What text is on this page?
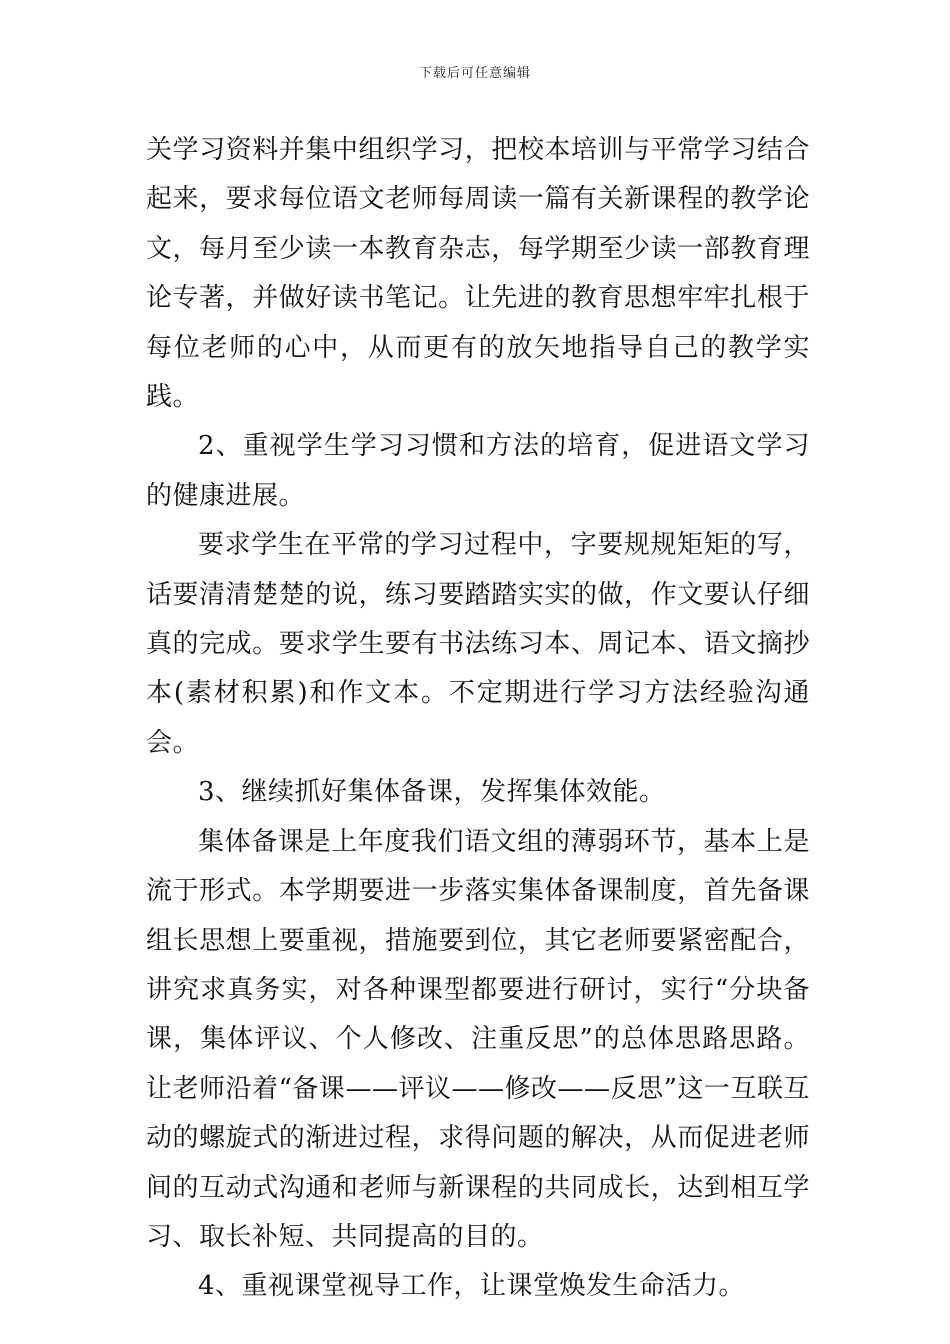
下载后可任意编辑

关学习资料并集中组织学习，把校本培训与平常学习结合起来，要求每位语文老师每周读一篇有关新课程的教学论文，每月至少读一本教育杂志，每学期至少读一部教育理论专著，并做好读书笔记。让先进的教育思想牢牢扎根于每位老师的心中，从而更有的放矢地指导自己的教学实践。

2、重视学生学习习惯和方法的培育，促进语文学习的健康进展。

要求学生在平常的学习过程中，字要规规矩矩的写，话要清清楚楚的说，练习要踏踏实实的做，作文要认仔细真的完成。要求学生要有书法练习本、周记本、语文摘抄本(素材积累)和作文本。不定期进行学习方法经验沟通会。

3、继续抓好集体备课，发挥集体效能。

集体备课是上年度我们语文组的薄弱环节，基本上是流于形式。本学期要进一步落实集体备课制度，首先备课组长思想上要重视，措施要到位，其它老师要紧密配合，讲究求真务实，对各种课型都要进行研讨，实行“分块备课，集体评议、个人修改、注重反思”的总体思路思路。让老师沿着“备课——评议——修改——反思”这一互联互动的螺旋式的渐进过程，求得问题的解决，从而促进老师间的互动式沟通和老师与新课程的共同成长，达到相互学习、取长补短、共同提高的目的。

4、重视课堂视导工作，让课堂焕发生命活力。
